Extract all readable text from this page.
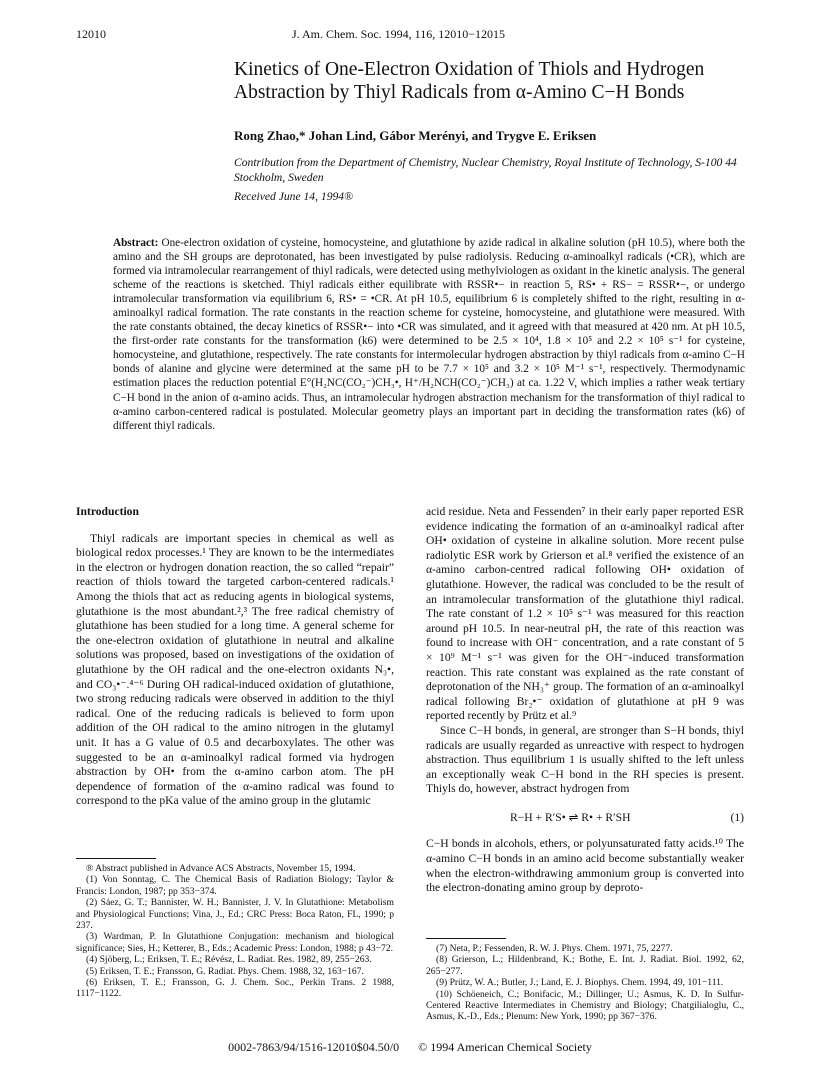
12010	J. Am. Chem. Soc. 1994, 116, 12010−12015
Kinetics of One-Electron Oxidation of Thiols and Hydrogen Abstraction by Thiyl Radicals from α-Amino C−H Bonds
Rong Zhao,* Johan Lind, Gábor Merényi, and Trygve E. Eriksen
Contribution from the Department of Chemistry, Nuclear Chemistry, Royal Institute of Technology, S-100 44 Stockholm, Sweden
Received June 14, 1994®
Abstract: One-electron oxidation of cysteine, homocysteine, and glutathione by azide radical in alkaline solution (pH 10.5), where both the amino and the SH groups are deprotonated, has been investigated by pulse radiolysis. Reducing α-aminoalkyl radicals (•CR), which are formed via intramolecular rearrangement of thiyl radicals, were detected using methylviologen as oxidant in the kinetic analysis. The general scheme of the reactions is sketched. Thiyl radicals either equilibrate with RSSR•− in reaction 5, RS• + RS− = RSSR•−, or undergo intramolecular transformation via equilibrium 6, RS• = •CR. At pH 10.5, equilibrium 6 is completely shifted to the right, resulting in α-aminoalkyl radical formation. The rate constants in the reaction scheme for cysteine, homocysteine, and glutathione were measured. With the rate constants obtained, the decay kinetics of RSSR•− into •CR was simulated, and it agreed with that measured at 420 nm. At pH 10.5, the first-order rate constants for the transformation (k6) were determined to be 2.5 × 10⁴, 1.8 × 10⁵ and 2.2 × 10⁵ s⁻¹ for cysteine, homocysteine, and glutathione, respectively. The rate constants for intermolecular hydrogen abstraction by thiyl radicals from α-amino C−H bonds of alanine and glycine were determined at the same pH to be 7.7 × 10⁵ and 3.2 × 10⁵ M⁻¹ s⁻¹, respectively. Thermodynamic estimation places the reduction potential E°(H₂NC(CO₂⁻)CH₃•, H⁺/H₂NCH(CO₂⁻)CH₃) at ca. 1.22 V, which implies a rather weak tertiary C−H bond in the anion of α-amino acids. Thus, an intramolecular hydrogen abstraction mechanism for the transformation of thiyl radical to α-amino carbon-centered radical is postulated. Molecular geometry plays an important part in deciding the transformation rates (k6) of different thiyl radicals.
Introduction
Thiyl radicals are important species in chemical as well as biological redox processes.¹ They are known to be the intermediates in the electron or hydrogen donation reaction, the so called “repair” reaction of thiols toward the targeted carbon-centered radicals.¹ Among the thiols that act as reducing agents in biological systems, glutathione is the most abundant.²,³ The free radical chemistry of glutathione has been studied for a long time. A general scheme for the one-electron oxidation of glutathione in neutral and alkaline solutions was proposed, based on investigations of the oxidation of glutathione by the OH radical and the one-electron oxidants N₃•, and CO₃•⁻.⁴⁻⁶ During OH radical-induced oxidation of glutathione, two strong reducing radicals were observed in addition to the thiyl radical. One of the reducing radicals is believed to form upon addition of the OH radical to the amino nitrogen in the glutamyl unit. It has a G value of 0.5 and decarboxylates. The other was suggested to be an α-aminoalkyl radical formed via hydrogen abstraction by OH• from the α-amino carbon atom. The pH dependence of formation of the α-amino radical was found to correspond to the pKa value of the amino group in the glutamic
® Abstract published in Advance ACS Abstracts, November 15, 1994.
(1) Von Sonntag, C. The Chemical Basis of Radiation Biology; Taylor & Francis: London, 1987; pp 353−374.
(2) Sáez, G. T.; Bannister, W. H.; Bannister, J. V. In Glutathione: Metabolism and Physiological Functions; Vina, J., Ed.; CRC Press: Boca Raton, FL, 1990; p 237.
(3) Wardman, P. In Glutathione Conjugation: mechanism and biological significance; Sies, H.; Ketterer, B., Eds.; Academic Press: London, 1988; p 43−72.
(4) Sjöberg, L.; Eriksen, T. E.; Révész, L. Radiat. Res. 1982, 89, 255−263.
(5) Eriksen, T. E.; Fransson, G. Radiat. Phys. Chem. 1988, 32, 163−167.
(6) Eriksen, T. E.; Fransson, G. J. Chem. Soc., Perkin Trans. 2 1988, 1117−1122.
acid residue. Neta and Fessenden⁷ in their early paper reported ESR evidence indicating the formation of an α-aminoalkyl radical after OH• oxidation of cysteine in alkaline solution. More recent pulse radiolytic ESR work by Grierson et al.⁸ verified the existence of an α-amino carbon-centred radical following OH• oxidation of glutathione. However, the radical was concluded to be the result of an intramolecular transformation of the glutathione thiyl radical. The rate constant of 1.2 × 10⁵ s⁻¹ was measured for this reaction around pH 10.5. In near-neutral pH, the rate of this reaction was found to increase with OH⁻ concentration, and a rate constant of 5 × 10⁹ M⁻¹ s⁻¹ was given for the OH⁻-induced transformation reaction. This rate constant was explained as the rate constant of deprotonation of the NH₃⁺ group. The formation of an α-aminoalkyl radical following Br₂•⁻ oxidation of glutathione at pH 9 was reported recently by Prütz et al.⁹
Since C−H bonds, in general, are stronger than S−H bonds, thiyl radicals are usually regarded as unreactive with respect to hydrogen abstraction. Thus equilibrium 1 is usually shifted to the left unless an exceptionally weak C−H bond in the RH species is present. Thiyls do, however, abstract hydrogen from
R−H + R′S• ⇌ R• + R′SH	(1)
C−H bonds in alcohols, ethers, or polyunsaturated fatty acids.¹⁰ The α-amino C−H bonds in an amino acid become substantially weaker when the electron-withdrawing ammonium group is converted into the electron-donating amino group by deproto-
(7) Neta, P.; Fessenden, R. W. J. Phys. Chem. 1971, 75, 2277.
(8) Grierson, L.; Hildenbrand, K.; Bothe, E. Int. J. Radiat. Biol. 1992, 62, 265−277.
(9) Prütz, W. A.; Butler, J.; Land, E. J. Biophys. Chem. 1994, 49, 101−111.
(10) Schöeneich, C.; Bonifacic, M.; Dillinger, U.; Asmus, K. D. In Sulfur-Centered Reactive Intermediates in Chemistry and Biology; Chatgilialoglu, C., Asmus, K.-D., Eds.; Plenum: New York, 1990; pp 367−376.
0002-7863/94/1516-12010$04.50/0 © 1994 American Chemical Society
